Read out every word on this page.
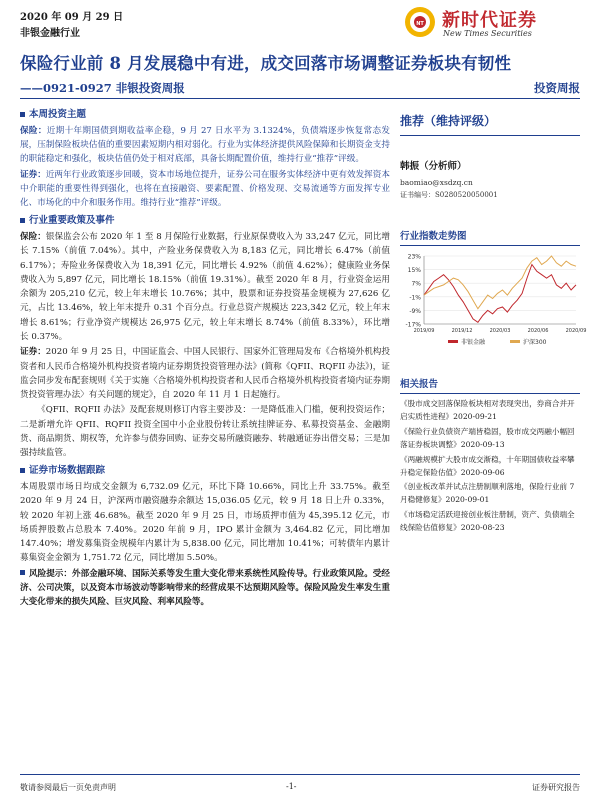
2020 年 09 月 29 日
非银金融行业
NT 新时代证券
New Times Securities
保险行业前 8 月发展稳中有进，成交回落市场调整证券板块有韧性
——0921-0927 非银投资周报	投资周报
本周投资主题

保险：近期十年期国债到期收益率企稳，9 月 27 日水平为 3.1324%，负债端逐步恢复常态发展，压制保险板块估值的重要因素短期内相对弱化。行业为实体经济提供风险保障和长期资金支持的职能稳定和强化，板块估值仍处于相对底部，具备长期配置价值，维持行业“推荐”评级。

证券：近两年行业政策逐步回暖，资本市场地位提升，证券公司在服务实体经济中更有效发挥资本中介职能的重要性得到强化，也将在直接融资、要素配置、价格发现、交易流通等方面发挥专业化、市场化的中介和服务作用。维持行业“推荐”评级。

行业重要政策及事件

保险：银保监会公布 2020 年 1 至 8 月保险行业数据，行业原保费收入为 33,247 亿元，同比增长 7.15%（前值 7.04%）。其中，产险业务保费收入为 8,183 亿元，同比增长 6.47%（前值 6.17%）；寿险业务保费收入为 18,391 亿元，同比增长 4.92%（前值 4.62%）；健康险业务保费收入为 5,897 亿元，同比增长 18.15%（前值 19.31%）。截至 2020 年 8 月，行业资金运用余额为 205,210 亿元，较上年末增长 10.76%；其中，股票和证券投资基金规模为 27,626 亿元，占比 13.46%，较上年末提升 0.31 个百分点。行业总资产规模达 223,342 亿元，较上年末增长 8.61%；行业净资产规模达 26,975 亿元，较上年末增长 8.74%（前值 8.33%），环比增长 0.37%。

证券：2020 年 9 月 25 日，中国证监会、中国人民银行、国家外汇管理局发布《合格境外机构投资者和人民币合格境外机构投资者境内证券期货投资管理办法》(简称《QFII、RQFII 办法》)，证监会同步发布配套规则《关于实施〈合格境外机构投资者和人民币合格境外机构投资者境内证券期货投资管理办法〉有关问题的规定》，自 2020 年 11 月 1 日起施行。

《QFII、RQFII 办法》及配套规则修订内容主要涉及：一是降低准入门槛，便利投资运作；二是新增允许 QFII、RQFII 投资全国中小企业股份转让系统挂牌证券、私募投资基金、金融期货、商品期货、期权等，允许参与债券回购、证券交易所融资融券、转融通证券出借交易；三是加强持续监管。

证券市场数据跟踪

本周股票市场日均成交金额为 6,732.09 亿元，环比下降 10.66%，同比上升 33.75%。截至 2020 年 9 月 24 日，沪深两市融资融券余额达 15,036.05 亿元，较 9 月 18 日上升 0.33%，较 2020 年初上涨 46.68%。截至 2020 年 9 月 25 日，市场质押市值为 45,395.12 亿元，市场质押股数占总股本 7.40%。2020 年前 9 月，IPO 累计金额为 3,464.82 亿元，同比增加 147.40%；增发募集资金规模年内累计为 5,838.00 亿元，同比增加 10.41%；可转债年内累计募集资金金额为 1,751.72 亿元，同比增加 5.50%。

风险提示：外部金融环境、国际关系等发生重大变化带来系统性风险传导。行业政策风险。受经济、公司决策，以及资本市场波动等影响带来的经营成果不达预期风险等。保险风险发生率发生重大变化带来的损失风险、巨灾风险、利率风险等。

推荐（维持评级）
韩振（分析师）
baomiao@xsdzq.cn
证书编号：S0280520050001
行业指数走势图
23%
15%
7%
-1%
-9%
-17%
2019/09	2019/12	2020/03	2020/06	2020/09
非银金融	沪深300
相关报告
《股市成交回落保险板块相对表现突出，券商合并开启实质性进程》2020-09-21
《保险行业负债资产端皆稳固，股市成交两融小幅回落证券板块调整》2020-09-13
《两融规模扩大股市成交渐稳，十年期国债收益率攀升稳定保险估值》2020-09-06
《创业板改革并试点注册制顺利落地，保险行业前 7 月稳健修复》2020-09-01
《市场稳定活跃迎接创业板注册制，资产、负债端全线保险估值修复》2020-08-23
敬请参阅最后一页免责声明	-1-	证券研究报告
